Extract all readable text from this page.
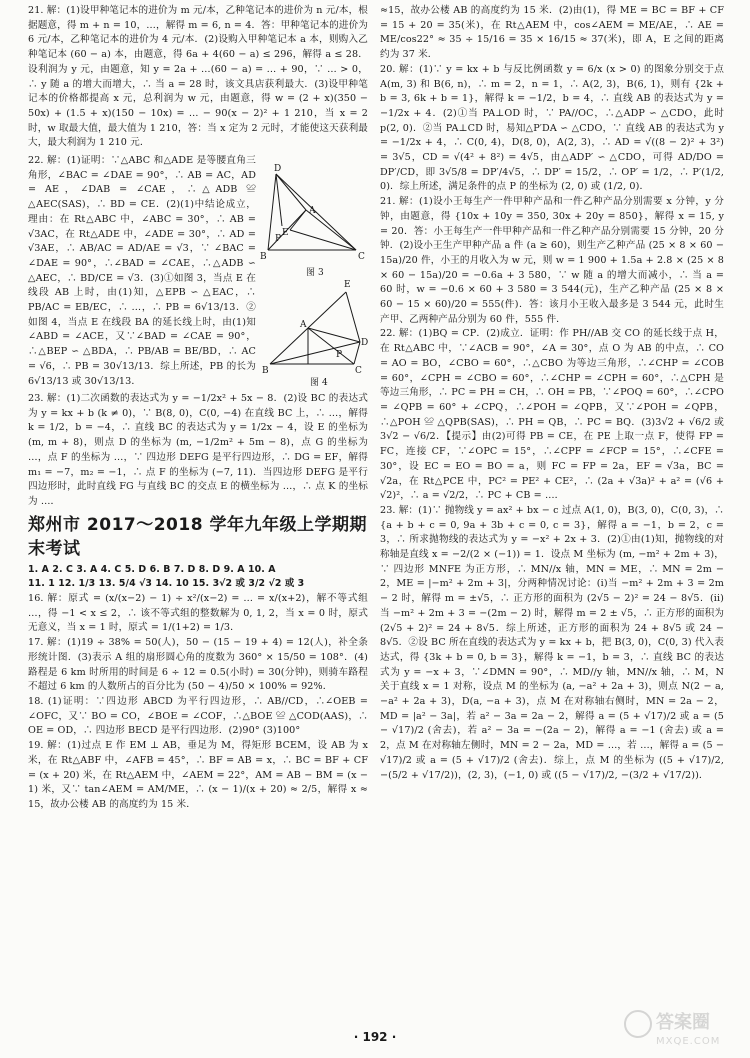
21. 解：(1)设甲种笔记本的进价为 m 元/本，乙种笔记本的进价为 n 元/本，根据题意，得 m + n = 10，…，解得 m = 6, n = 4．答：甲种笔记本的进价为 6 元/本，乙种笔记本的进价为 4 元/本．(2)设购入甲种笔记本 a 本，则购入乙种笔记本 (60 − a) 本，由题意，得 6a + 4(60 − a) ≤ 296，解得 a ≤ 28．设利润为 y 元，由题意，知 y = 2a + …(60 − a) = … + 90，∵ … > 0，∴ y 随 a 的增大而增大，∴ 当 a = 28 时，该文具店获利最大．(3)设甲种笔记本的价格都提高 x 元，总利润为 w 元，由题意，得 w = (2 + x)(350 − 50x) + (1.5 + x)(150 − 10x) = … − 90(x − 2)² + 1 210，当 x = 2 时，w 取最大值，最大值为 1 210，答：当 x 定为 2 元时，才能使这天获利最大，最大利润为 1 210 元．

22. 解：(1)证明：∵△ABC 和△ADE 是等腰直角三角形，∠BAC = ∠DAE = 90°，∴ AB = AC，AD = AE，∠DAB = ∠CAE，∴△ADB ≌ △AEC(SAS)，∴ BD = CE．(2)(1)中结论成立，理由：在 Rt△ABC 中，∠ABC = 30°，∴ AB = √3AC，在 Rt△ADE 中，∠ADE = 30°，∴ AD = √3AE，∴ AB/AC = AD/AE = √3，∵ ∠BAC = ∠DAE = 90°，∴∠BAD = ∠CAE，∴△ADB ∽ △AEC，∴ BD/CE = √3．(3)①如图 3，当点 E 在线段 AB 上时，由(1)知，△EPB ∽ △EAC，∴ PB/AC = EB/EC，∴ …，∴ PB = 6√13/13．②如图 4，当点 E 在线段 BA 的延长线上时，由(1)知 ∠ABD = ∠ACE，又∵∠BAD = ∠CAE = 90°，∴△BEP ∽ △BDA，∴ PB/AB = BE/BD，∴ AC = √6，∴ PB = 30√13/13．综上所述，PB 的长为 6√13/13 或 30√13/13．

D
A
E
P
B	C
图 3
E
D
A
P
B	C
图 4

23. 解：(1)二次函数的表达式为 y = −1/2x² + 5x − 8．(2)设 BC 的表达式为 y = kx + b (k ≠ 0)，∵ B(8, 0)，C(0, −4) 在直线 BC 上，∴ …，解得 k = 1/2，b = −4，∴ 直线 BC 的表达式为 y = 1/2x − 4，设 E 的坐标为 (m, m + 8)，则点 D 的坐标为 (m, −1/2m² + 5m − 8)，点 G 的坐标为 …，点 F 的坐标为 …，∵ 四边形 DEFG 是平行四边形，∴ DG = EF，解得 m₁ = −7，m₂ = −1，∴ 点 F 的坐标为 (−7, 11)．当四边形 DEFG 是平行四边形时，此时直线 FG 与直线 BC 的交点 E 的横坐标为 …，∴ 点 K 的坐标为 …．

郑州市 2017～2018 学年九年级上学期期末考试

1. A 2. C 3. A 4. C 5. D 6. B 7. D 8. D 9. A 10. A

11. 1 12. 1/3 13. 5/4 √3 14. 10 15. 3√2 或 3/2 √2 或 3

16. 解：原式 = (x/(x−2) − 1) ÷ x²/(x−2) = … = x/(x+2)，解不等式组 …，得 −1 < x ≤ 2，∴ 该不等式组的整数解为 0, 1, 2，当 x = 0 时，原式无意义，当 x = 1 时，原式 = 1/(1+2) = 1/3．

17. 解：(1)19 ÷ 38% = 50(人)，50 − (15 − 19 + 4) = 12(人)，补全条形统计图．(3)表示 A 组的扇形圆心角的度数为 360° × 15/50 = 108°．(4)路程是 6 km 时所用的时间是 6 ÷ 12 = 0.5(小时) = 30(分钟)，则骑车路程不超过 6 km 的人数所占的百分比为 (50 − 4)/50 × 100% = 92%．

18. (1)证明：∵四边形 ABCD 为平行四边形，∴ AB//CD，∴∠OEB = ∠OFC，又∵ BO = CO，∠BOE = ∠COF，∴△BOE ≌ △COD(AAS)，∴ OE = OD，∴ 四边形 BECD 是平行四边形．(2)90° (3)100°

19. 解：(1)过点 E 作 EM ⊥ AB，垂足为 M，得矩形 BCEM，设 AB 为 x 米，在 Rt△ABF 中，∠AFB = 45°，∴ BF = AB = x，∴ BC = BF + CF = (x + 20) 米，在 Rt△AEM 中，∠AEM = 22°，AM = AB − BM = (x − 1) 米，又∵ tan∠AEM = AM/ME，∴ (x − 1)/(x + 20) ≈ 2/5，解得 x ≈ 15，故办公楼 AB 的高度约为 15 米．

≈15，故办公楼 AB 的高度约为 15 米．(2)由(1)，得 ME = BC = BF + CF = 15 + 20 = 35(米)，在 Rt△AEM 中，cos∠AEM = ME/AE，∴ AE = ME/cos22° ≈ 35 ÷ 15/16 = 35 × 16/15 ≈ 37(米)，即 A，E 之间的距离约为 37 米．

20. 解：(1)∵ y = kx + b 与反比例函数 y = 6/x (x > 0) 的图象分别交于点 A(m, 3) 和 B(6, n)，∴ m = 2，n = 1，∴ A(2, 3)，B(6, 1)，则有 {2k + b = 3, 6k + b = 1}，解得 k = −1/2，b = 4，∴ 直线 AB 的表达式为 y = −1/2x + 4．(2)①当 PA⊥OD 时，∵ PA//OC，∴△ADP ∽ △CDO，此时 p(2, 0)．②当 PA⊥CD 时，易知△P′DA ∽ △CDO，∵ 直线 AB 的表达式为 y = −1/2x + 4，∴ C(0, 4)，D(8, 0)，A(2, 3)，∴ AD = √((8 − 2)² + 3²) = 3√5，CD = √(4² + 8²) = 4√5，由△ADP′ ∽ △CDO，可得 AD/DO = DP′/CD，即 3√5/8 = DP′/4√5，∴ DP′ = 15/2，∴ OP′ = 1/2，∴ P′(1/2, 0)．综上所述，满足条件的点 P 的坐标为 (2, 0) 或 (1/2, 0)．

21. 解：(1)设小王每生产一件甲种产品和一件乙种产品分别需要 x 分钟，y 分钟，由题意，得 {10x + 10y = 350, 30x + 20y = 850}，解得 x = 15, y = 20．答：小王每生产一件甲种产品和一件乙种产品分别需要 15 分钟，20 分钟．(2)设小王生产甲种产品 a 件 (a ≥ 60)，则生产乙种产品 (25 × 8 × 60 − 15a)/20 件，小王的月收入为 w 元，则 w = 1 900 + 1.5a + 2.8 × (25 × 8 × 60 − 15a)/20 = −0.6a + 3 580，∵ w 随 a 的增大而减小，∴ 当 a = 60 时，w = −0.6 × 60 + 3 580 = 3 544(元)，生产乙种产品 (25 × 8 × 60 − 15 × 60)/20 = 555(件)．答：该月小王收入最多是 3 544 元，此时生产甲、乙两种产品分别为 60 件，555 件．

22. 解：(1)BQ = CP．(2)成立．证明：作 PH//AB 交 CO 的延长线于点 H，在 Rt△ABC 中，∵∠ACB = 90°，∠A = 30°，点 O 为 AB 的中点，∴ CO = AO = BO，∠CBO = 60°，∴△CBO 为等边三角形，∴∠CHP = ∠COB = 60°，∠CPH = ∠CBO = 60°，∴∠CHP = ∠CPH = 60°，∴△CPH 是等边三角形，∴ PC = PH = CH，∴ OH = PB，∵∠POQ = 60°，∴∠CPO = ∠QPB = 60° + ∠CPQ，∴∠POH = ∠QPB，又∵∠POH = ∠QPB，∴△POH ≌ △QPB(SAS)，∴ PH = QB，∴ PC = BQ．(3)3√2 + √6/2 或 3√2 − √6/2．【提示】由(2)可得 PB = CE，在 PE 上取一点 F，使得 FP = FC，连接 CF，∵∠OPC = 15°，∴∠CPF = ∠FCP = 15°，∴∠CFE = 30°，设 EC = EO = BO = a，则 FC = FP = 2a，EF = √3a，BC = √2a，在 Rt△PCE 中，PC² = PE² + CE²，∴ (2a + √3a)² + a² = (√6 + √2)²，∴ a = √2/2，∴ PC + CB = …．

23. 解：(1)∵ 抛物线 y = ax² + bx − c 过点 A(1, 0)，B(3, 0)，C(0, 3)，∴ {a + b + c = 0, 9a + 3b + c = 0, c = 3}，解得 a = −1，b = 2，c = 3，∴ 所求抛物线的表达式为 y = −x² + 2x + 3．(2)①由(1)知，抛物线的对称轴是直线 x = −2/(2 × (−1)) = 1．设点 M 坐标为 (m, −m² + 2m + 3)，∵ 四边形 MNFE 为正方形，∴ MN//x 轴，MN = ME，∴ MN = 2m − 2，ME = |−m² + 2m + 3|，分两种情况讨论：(i)当 −m² + 2m + 3 = 2m − 2 时，解得 m = ±√5，∴ 正方形的面积为 (2√5 − 2)² = 24 − 8√5．(ii)当 −m² + 2m + 3 = −(2m − 2) 时，解得 m = 2 ± √5，∴ 正方形的面积为 (2√5 + 2)² = 24 + 8√5．综上所述，正方形的面积为 24 + 8√5 或 24 − 8√5．②设 BC 所在直线的表达式为 y = kx + b，把 B(3, 0)，C(0, 3) 代入表达式，得 {3k + b = 0, b = 3}，解得 k = −1，b = 3，∴ 直线 BC 的表达式为 y = −x + 3，∵∠DMN = 90°，∴ MD//y 轴，MN//x 轴，∴ M，N 关于直线 x = 1 对称，设点 M 的坐标为 (a, −a² + 2a + 3)，则点 N(2 − a, −a² + 2a + 3)，D(a, −a + 3)，点 M 在对称轴右侧时，MN = 2a − 2，MD = |a² − 3a|，若 a² − 3a = 2a − 2，解得 a = (5 + √17)/2 或 a = (5 − √17)/2 (舍去)，若 a² − 3a = −(2a − 2)，解得 a = −1 (舍去) 或 a = 2，点 M 在对称轴左侧时，MN = 2 − 2a，MD = …，若 …，解得 a = (5 − √17)/2 或 a = (5 + √17)/2 (舍去)．综上，点 M 的坐标为 ((5 + √17)/2, −(5/2 + √17/2))，(2, 3)，(−1, 0) 或 ((5 − √17)/2, −(3/2 + √17/2))．

· 192 ·
答案圈
MXQE.COM
